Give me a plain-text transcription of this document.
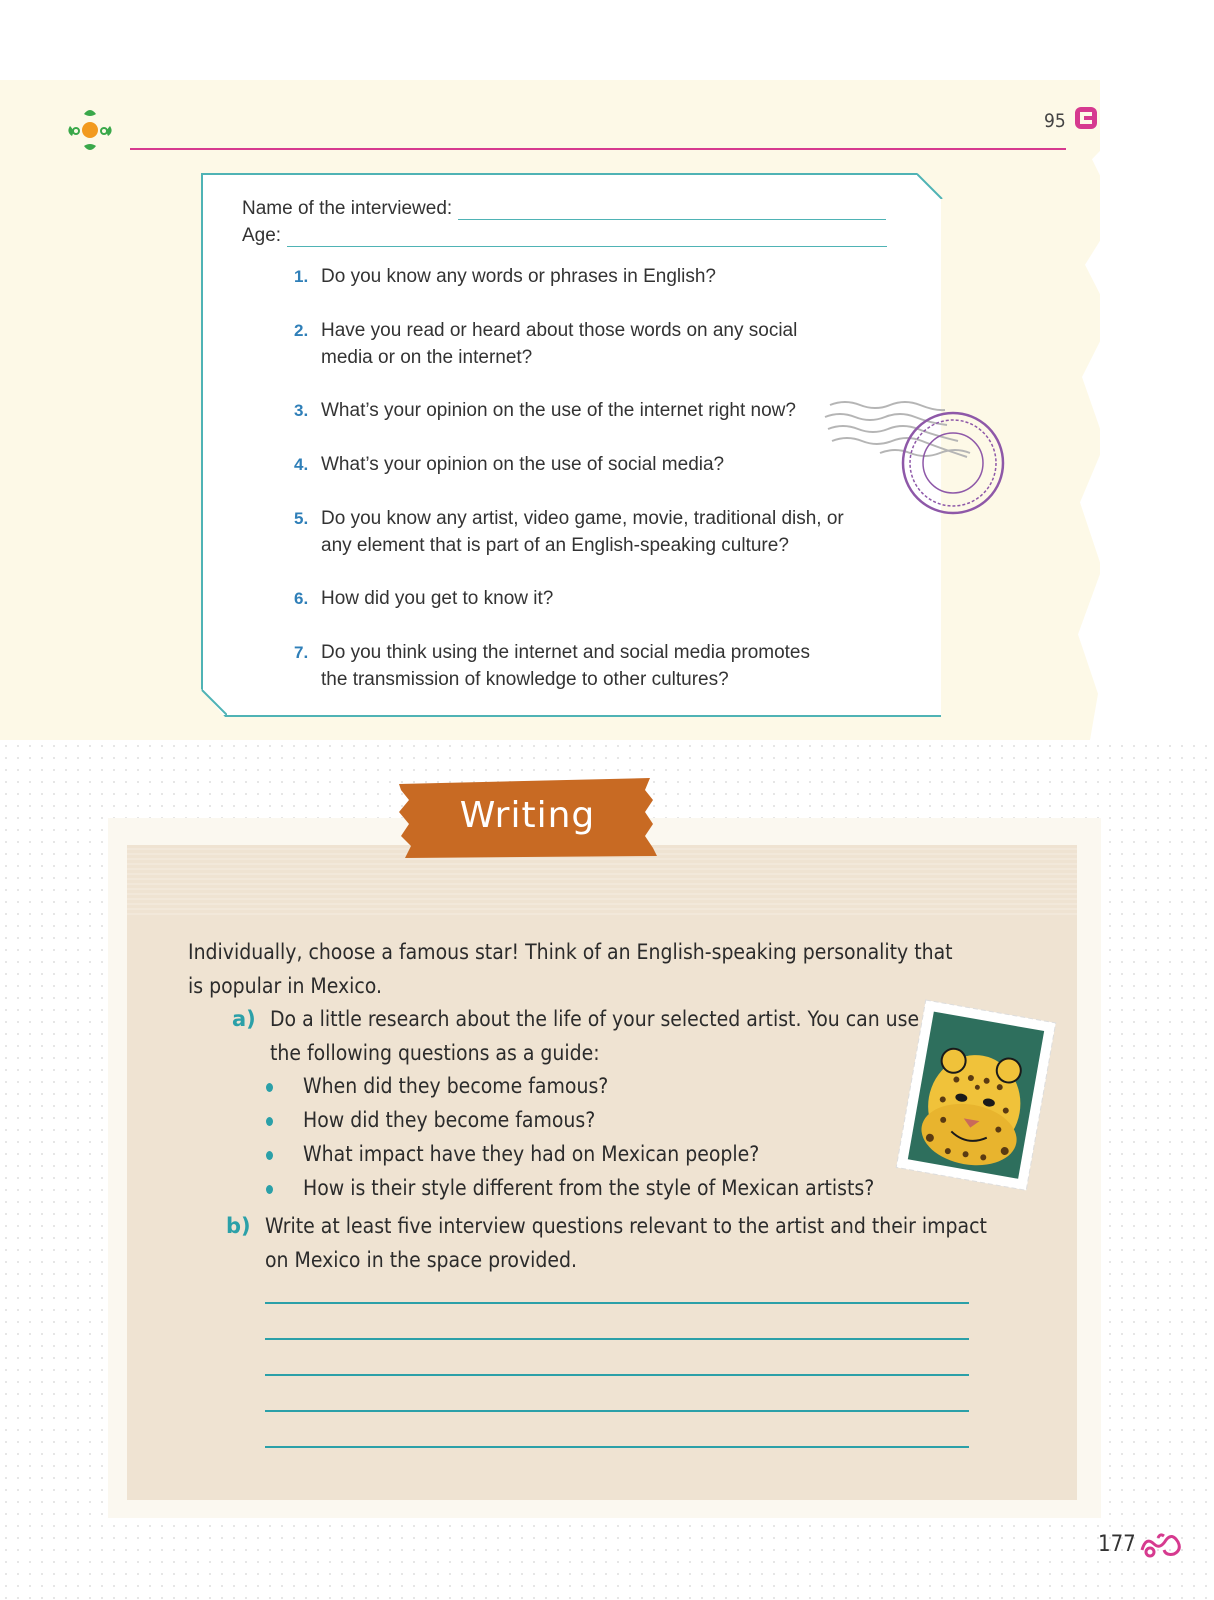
95
Name of the interviewed:
Age:
1. Do you know any words or phrases in English?
2. Have you read or heard about those words on any social media or on the internet?
3. What’s your opinion on the use of the internet right now?
4. What’s your opinion on the use of social media?
5. Do you know any artist, video game, movie, traditional dish, or any element that is part of an English-speaking culture?
6. How did you get to know it?
7. Do you think using the internet and social media promotes the transmission of knowledge to other cultures?
Writing
Individually, choose a famous star! Think of an English-speaking personality that
is popular in Mexico.
a) Do a little research about the life of your selected artist. You can use
the following questions as a guide:
When did they become famous?
How did they become famous?
What impact have they had on Mexican people?
How is their style different from the style of Mexican artists?
b) Write at least five interview questions relevant to the artist and their impact
on Mexico in the space provided.
177
